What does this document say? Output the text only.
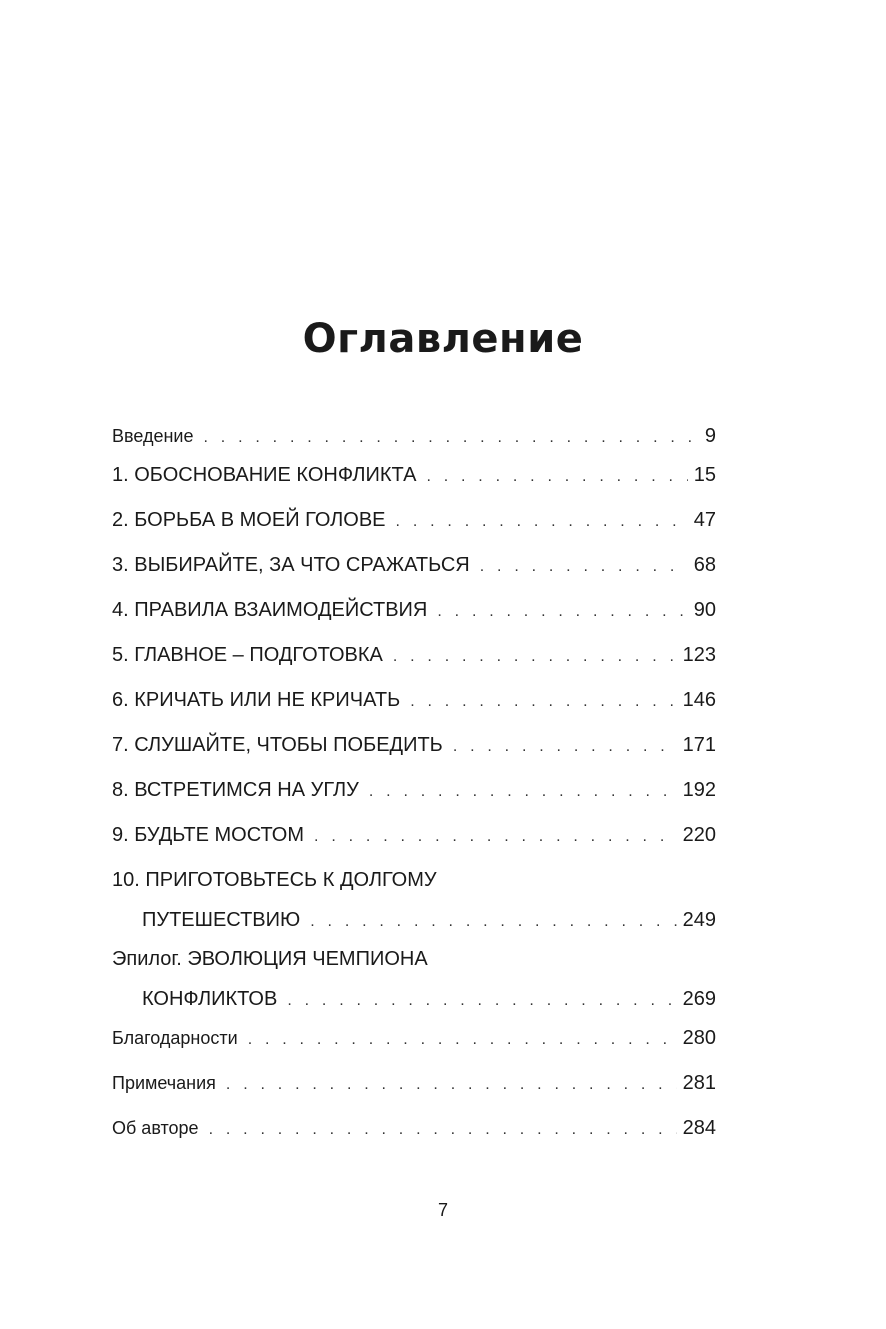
Оглавление
Введение . . .	9
1. ОБОСНОВАНИЕ КОНФЛИКТА . . .	15
2. БОРЬБА В МОЕЙ ГОЛОВЕ . . .	47
3. ВЫБИРАЙТЕ, ЗА ЧТО СРАЖАТЬСЯ . . .	68
4. ПРАВИЛА ВЗАИМОДЕЙСТВИЯ . . .	90
5. ГЛАВНОЕ – ПОДГОТОВКА . . .	123
6. КРИЧАТЬ ИЛИ НЕ КРИЧАТЬ . . .	146
7. СЛУШАЙТЕ, ЧТОБЫ ПОБЕДИТЬ . . .	171
8. ВСТРЕТИМСЯ НА УГЛУ . . .	192
9. БУДЬТЕ МОСТОМ . . .	220
10. ПРИГОТОВЬТЕСЬ К ДОЛГОМУ
ПУТЕШЕСТВИЮ . . .	249
Эпилог. ЭВОЛЮЦИЯ ЧЕМПИОНА
КОНФЛИКТОВ . . .	269
Благодарности . . .	280
Примечания . . .	281
Об авторе . . .	284
7
